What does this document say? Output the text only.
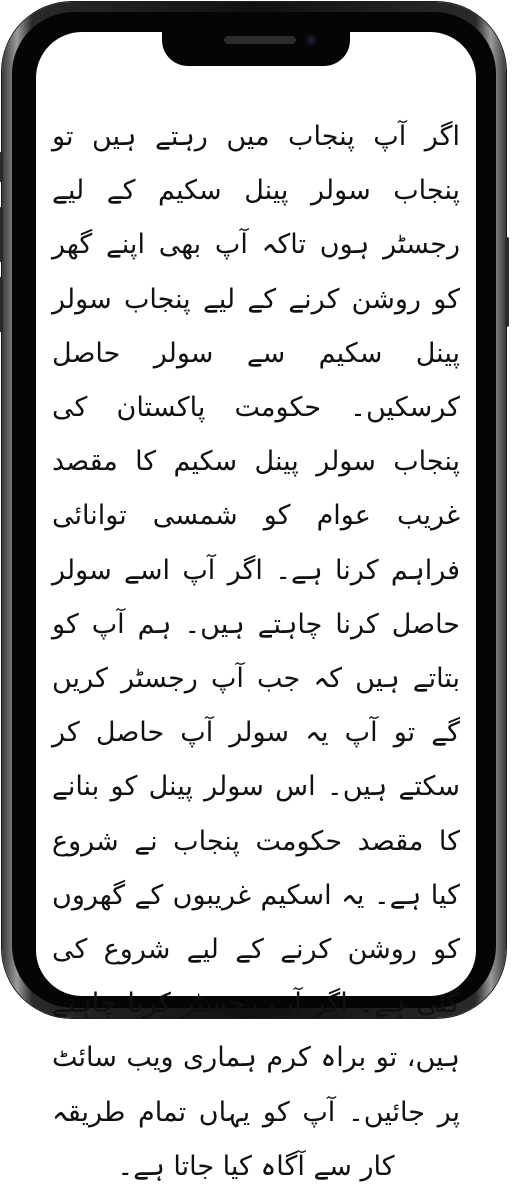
اگر آپ پنجاب میں رہتے ہیں تو پنجاب سولر پینل سکیم کے لیے رجسٹر ہوں تاکہ آپ بھی اپنے گھر کو روشن کرنے کے لیے پنجاب سولر پینل سکیم سے سولر حاصل کرسکیں۔ حکومت پاکستان کی پنجاب سولر پینل سکیم کا مقصد غریب عوام کو شمسی توانائی فراہم کرنا ہے۔ اگر آپ اسے سولر حاصل کرنا چاہتے ہیں۔ ہم آپ کو بتاتے ہیں کہ جب آپ رجسٹر کریں گے تو آپ یہ سولر آپ حاصل کر سکتے ہیں۔ اس سولر پینل کو بنانے کا مقصد حکومت پنجاب نے شروع کیا ہے۔ یہ اسکیم غریبوں کے گھروں کو روشن کرنے کے لیے شروع کی گئی ہے۔ اگر آپ رجسٹر کرنا چاہتے ہیں، تو براہ کرم ہماری ویب سائٹ پر جائیں۔ آپ کو یہاں تمام طریقہ کار سے آگاہ کیا جاتا ہے۔
